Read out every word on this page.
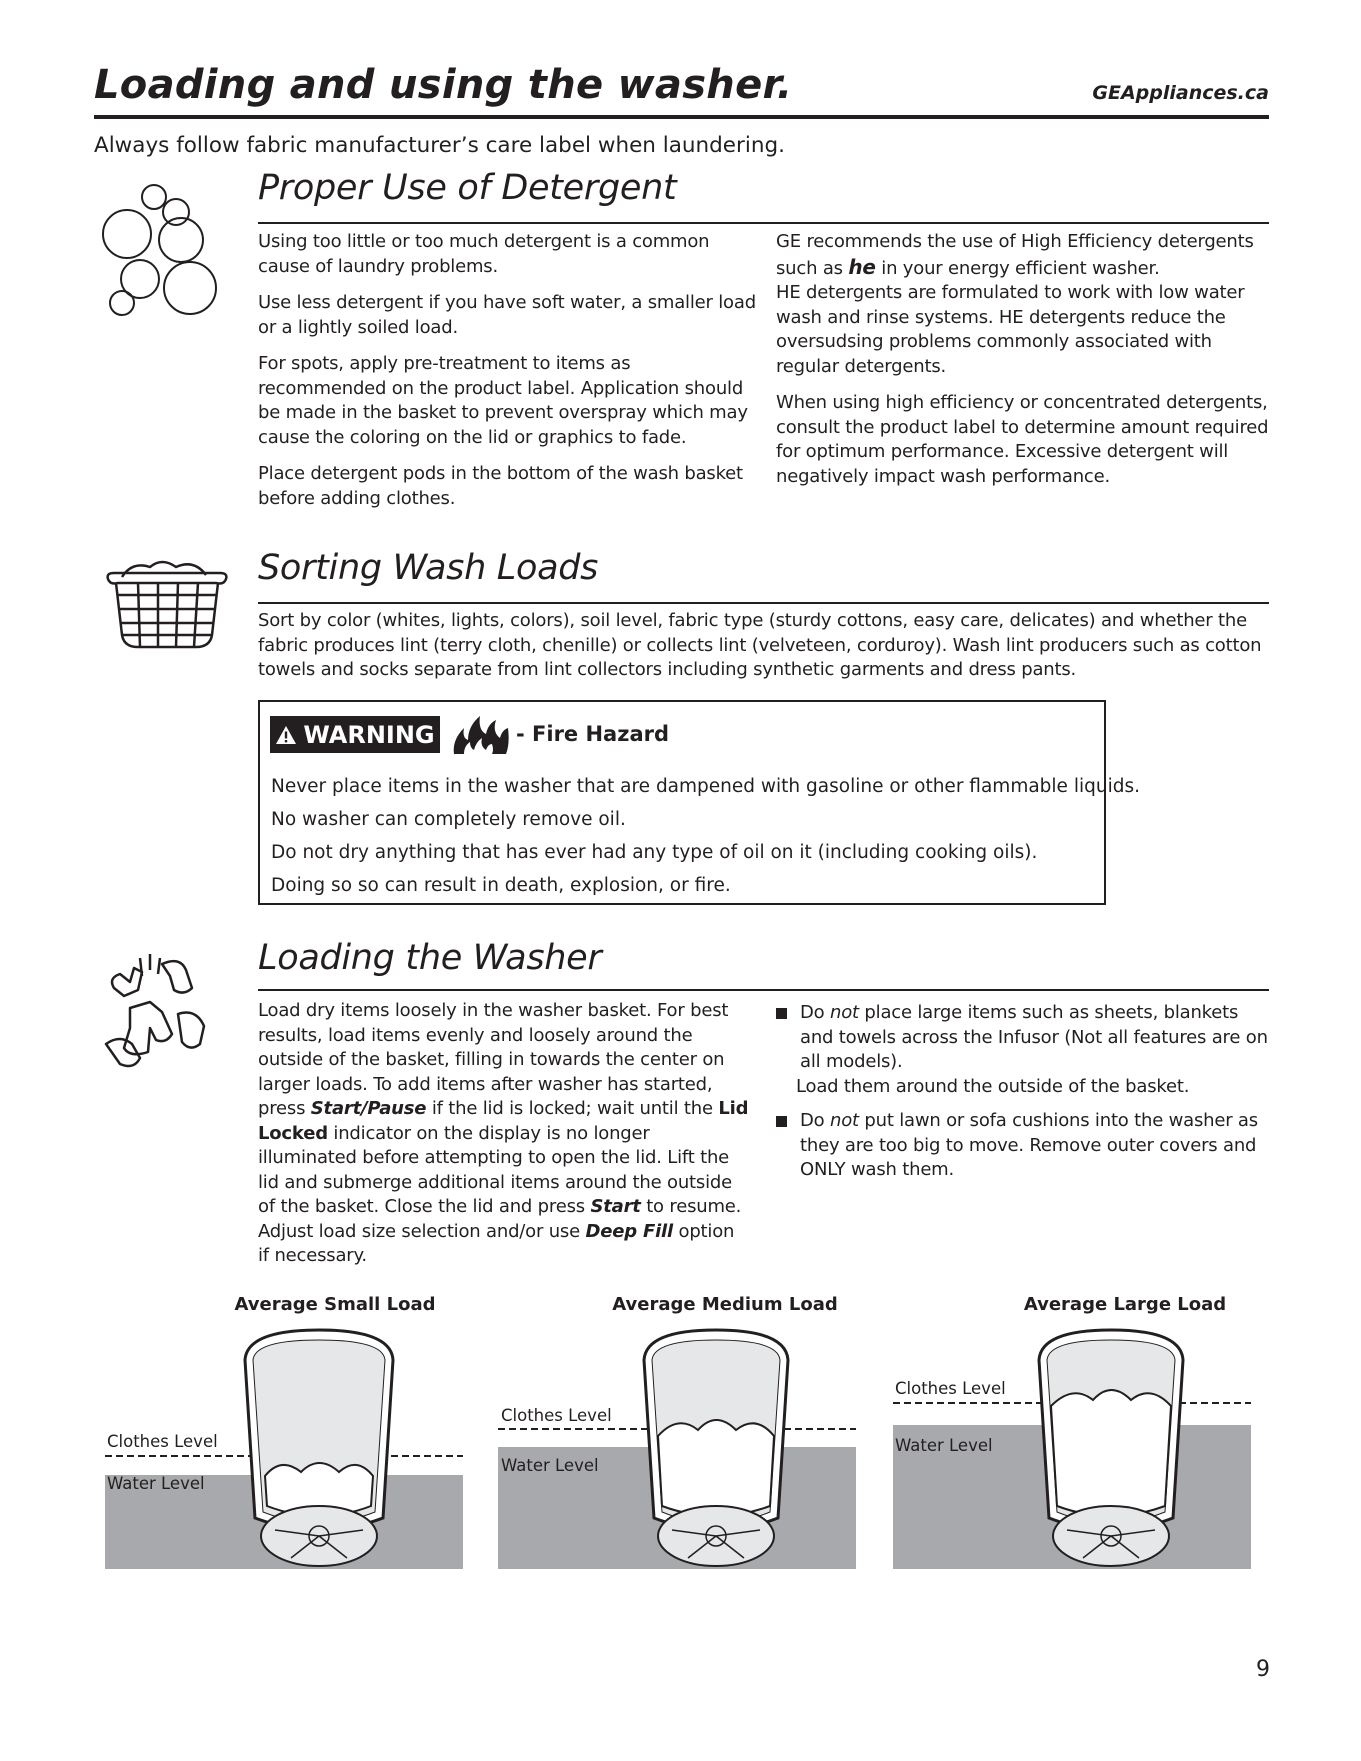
Loading and using the washer.	GEAppliances.ca
Always follow fabric manufacturer’s care label when laundering.
Proper Use of Detergent

Using too little or too much detergent is a common cause of laundry problems.

Use less detergent if you have soft water, a smaller load or a lightly soiled load.

For spots, apply pre-treatment to items as recommended on the product label. Application should be made in the basket to prevent overspray which may cause the coloring on the lid or graphics to fade.

Place detergent pods in the bottom of the wash basket before adding clothes.

GE recommends the use of High Efficiency detergents such as he in your energy efficient washer.

HE detergents are formulated to work with low water wash and rinse systems. HE detergents reduce the oversudsing problems commonly associated with regular detergents.

When using high efficiency or concentrated detergents, consult the product label to determine amount required for optimum performance. Excessive detergent will negatively impact wash performance.

Sorting Wash Loads
Sort by color (whites, lights, colors), soil level, fabric type (sturdy cottons, easy care, delicates) and whether the fabric produces lint (terry cloth, chenille) or collects lint (velveteen, corduroy). Wash lint producers such as cotton towels and socks separate from lint collectors including synthetic garments and dress pants.
WARNING	- Fire Hazard
Never place items in the washer that are dampened with gasoline or other flammable liquids.
No washer can completely remove oil.
Do not dry anything that has ever had any type of oil on it (including cooking oils).
Doing so so can result in death, explosion, or fire.
Loading the Washer
Load dry items loosely in the washer basket. For best results, load items evenly and loosely around the outside of the basket, filling in towards the center on larger loads. To add items after washer has started, press Start/Pause if the lid is locked; wait until the Lid Locked indicator on the display is no longer illuminated before attempting to open the lid. Lift the lid and submerge additional items around the outside of the basket. Close the lid and press Start to resume. Adjust load size selection and/or use Deep Fill option if necessary.
Do not place large items such as sheets, blankets and towels across the Infusor (Not all features are on all models).
Load them around the outside of the basket.
Do not put lawn or sofa cushions into the washer as they are too big to move. Remove outer covers and ONLY wash them.
Average Small Load	Average Medium Load	Average Large Load
Clothes Level
Water Level
Clothes Level
Water Level
Clothes Level
Water Level
9
